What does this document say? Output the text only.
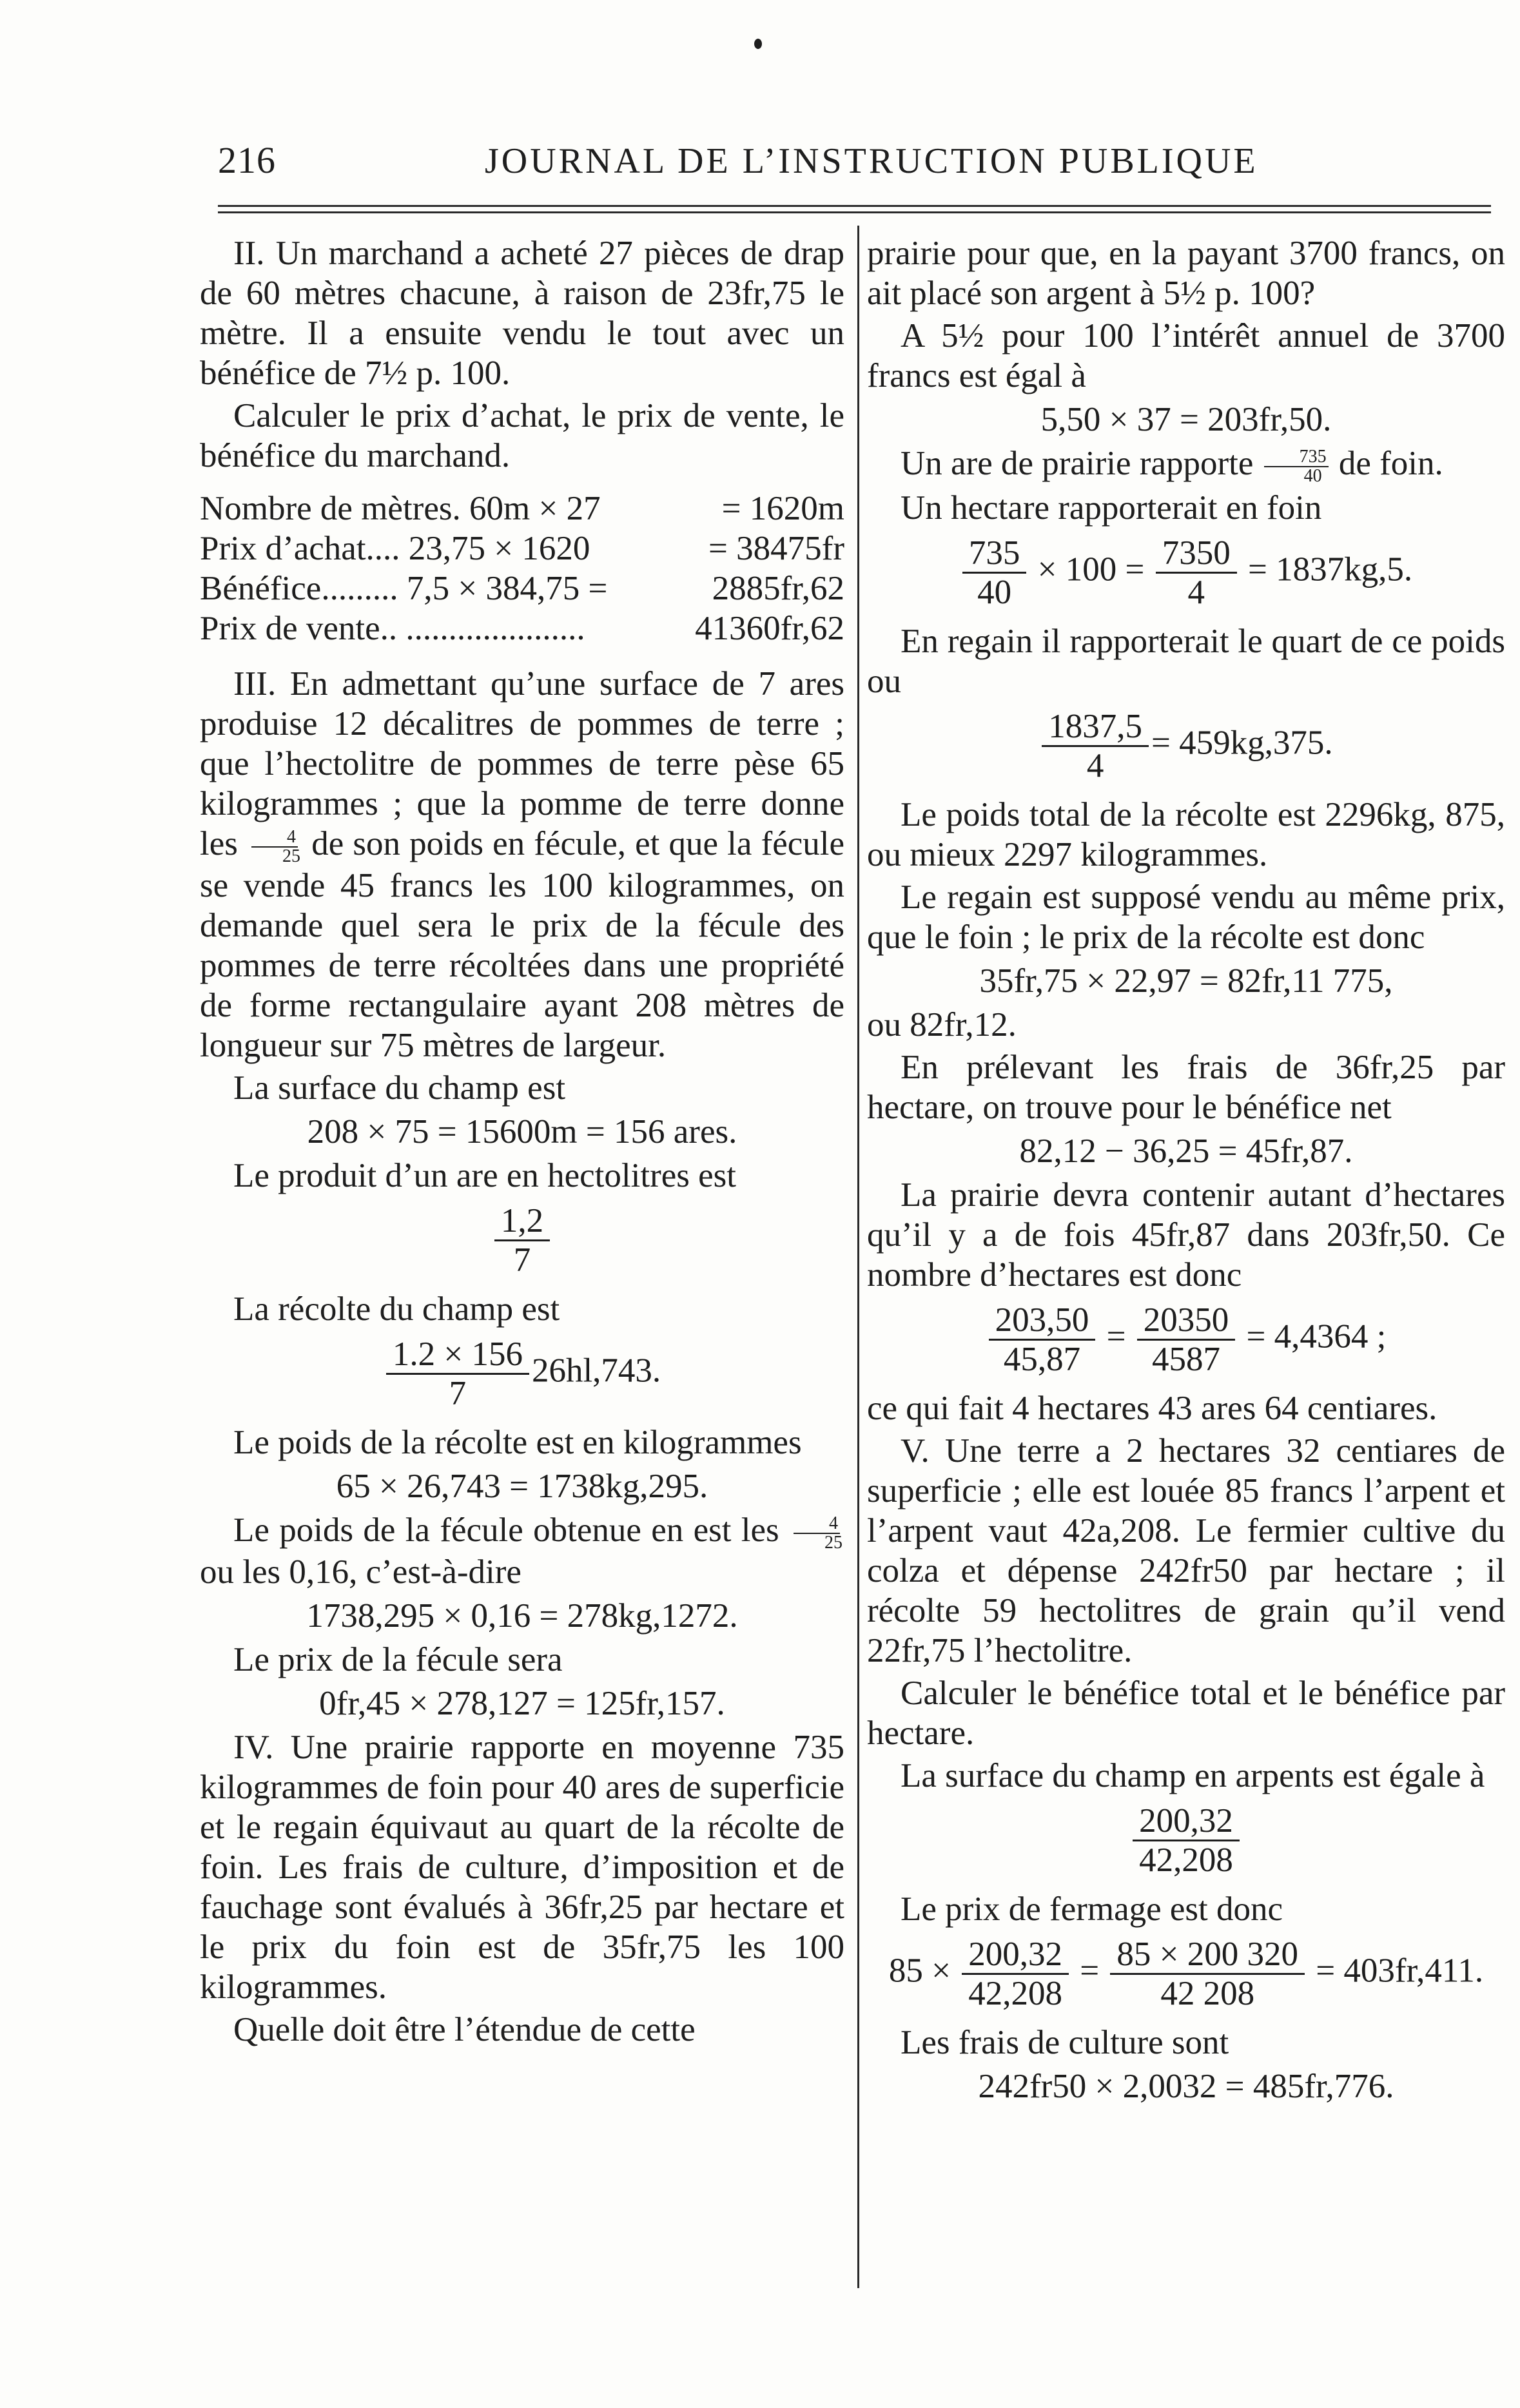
216	JOURNAL DE L’INSTRUCTION PUBLIQUE

II. Un marchand a acheté 27 pièces de drap de 60 mètres chacune, à raison de 23fr,75 le mètre. Il a ensuite vendu le tout avec un bénéfice de 7½ p. 100.

Calculer le prix d’achat, le prix de vente, le bénéfice du marchand.

Nombre de mètres. 60m × 27	= 1620m
Prix d’achat.... 23,75 × 1620	= 38475fr
Bénéfice......... 7,5 × 384,75 =	2885fr,62
Prix de vente.. .....................	41360fr,62

III. En admettant qu’une surface de 7 ares produise 12 décalitres de pommes de terre ; que l’hectolitre de pommes de terre pèse 65 kilogrammes ; que la pomme de terre donne les $\frac{4}{25}$ de son poids en fécule, et que la fécule se vende 45 francs les 100 kilogrammes, on demande quel sera le prix de la fécule des pommes de terre récoltées dans une propriété de forme rectangulaire ayant 208 mètres de longueur sur 75 mètres de largeur.

La surface du champ est

208 × 75 = 15600m = 156 ares.

Le produit d’un are en hectolitres est

$\frac{1,2}{7}$

La récolte du champ est

$\frac{1.2 \times 156}{7} 26hl,743$.

Le poids de la récolte est en kilogrammes

65 × 26,743 = 1738kg,295.

Le poids de la fécule obtenue en est les $\frac{4}{25}$
ou les 0,16, c’est-à-dire

1738,295 × 0,16 = 278kg,1272.

Le prix de la fécule sera

0fr,45 × 278,127 = 125fr,157.

IV. Une prairie rapporte en moyenne 735 kilogrammes de foin pour 40 ares de superficie et le regain équivaut au quart de la récolte de foin. Les frais de culture, d’imposition et de fauchage sont évalués à 36fr,25 par hectare et le prix du foin est de 35fr,75 les 100 kilogrammes.

Quelle doit être l’étendue de cette

prairie pour que, en la payant 3700 francs, on ait placé son argent à 5½ p. 100?

A 5½ pour 100 l’intérêt annuel de 3700 francs est égal à

5,50 × 37 = 203fr,50.

Un are de prairie rapporte $\frac{735}{40}$ de foin.

Un hectare rapporterait en foin

$\frac{735}{40} \times 100 = \frac{7350}{4} = 1837kg,5$.

En regain il rapporterait le quart de ce poids ou

$\frac{1837,5}{4} = 459kg,375$.

Le poids total de la récolte est 2296kg, 875, ou mieux 2297 kilogrammes.

Le regain est supposé vendu au même prix, que le foin ; le prix de la récolte est donc

35fr,75 × 22,97 = 82fr,11 775,

ou 82fr,12.

En prélevant les frais de 36fr,25 par hectare, on trouve pour le bénéfice net

82,12 − 36,25 = 45fr,87.

La prairie devra contenir autant d’hectares qu’il y a de fois 45fr,87 dans 203fr,50. Ce nombre d’hectares est donc

$\frac{203,50}{45,87} = \frac{20350}{4587} = 4,4364$ ;

ce qui fait 4 hectares 43 ares 64 centiares.

V. Une terre a 2 hectares 32 centiares de superficie ; elle est louée 85 francs l’arpent et l’arpent vaut 42a,208. Le fermier cultive du colza et dépense 242fr50 par hectare ; il récolte 59 hectolitres de grain qu’il vend 22fr,75 l’hectolitre.

Calculer le bénéfice total et le bénéfice par hectare.

La surface du champ en arpents est égale à

$\frac{200,32}{42,208}$

Le prix de fermage est donc

$85 \times \frac{200,32}{42,208} = \frac{85 \times 200 320}{42 208} = 403fr,411$.

Les frais de culture sont

242fr50 × 2,0032 = 485fr,776.
